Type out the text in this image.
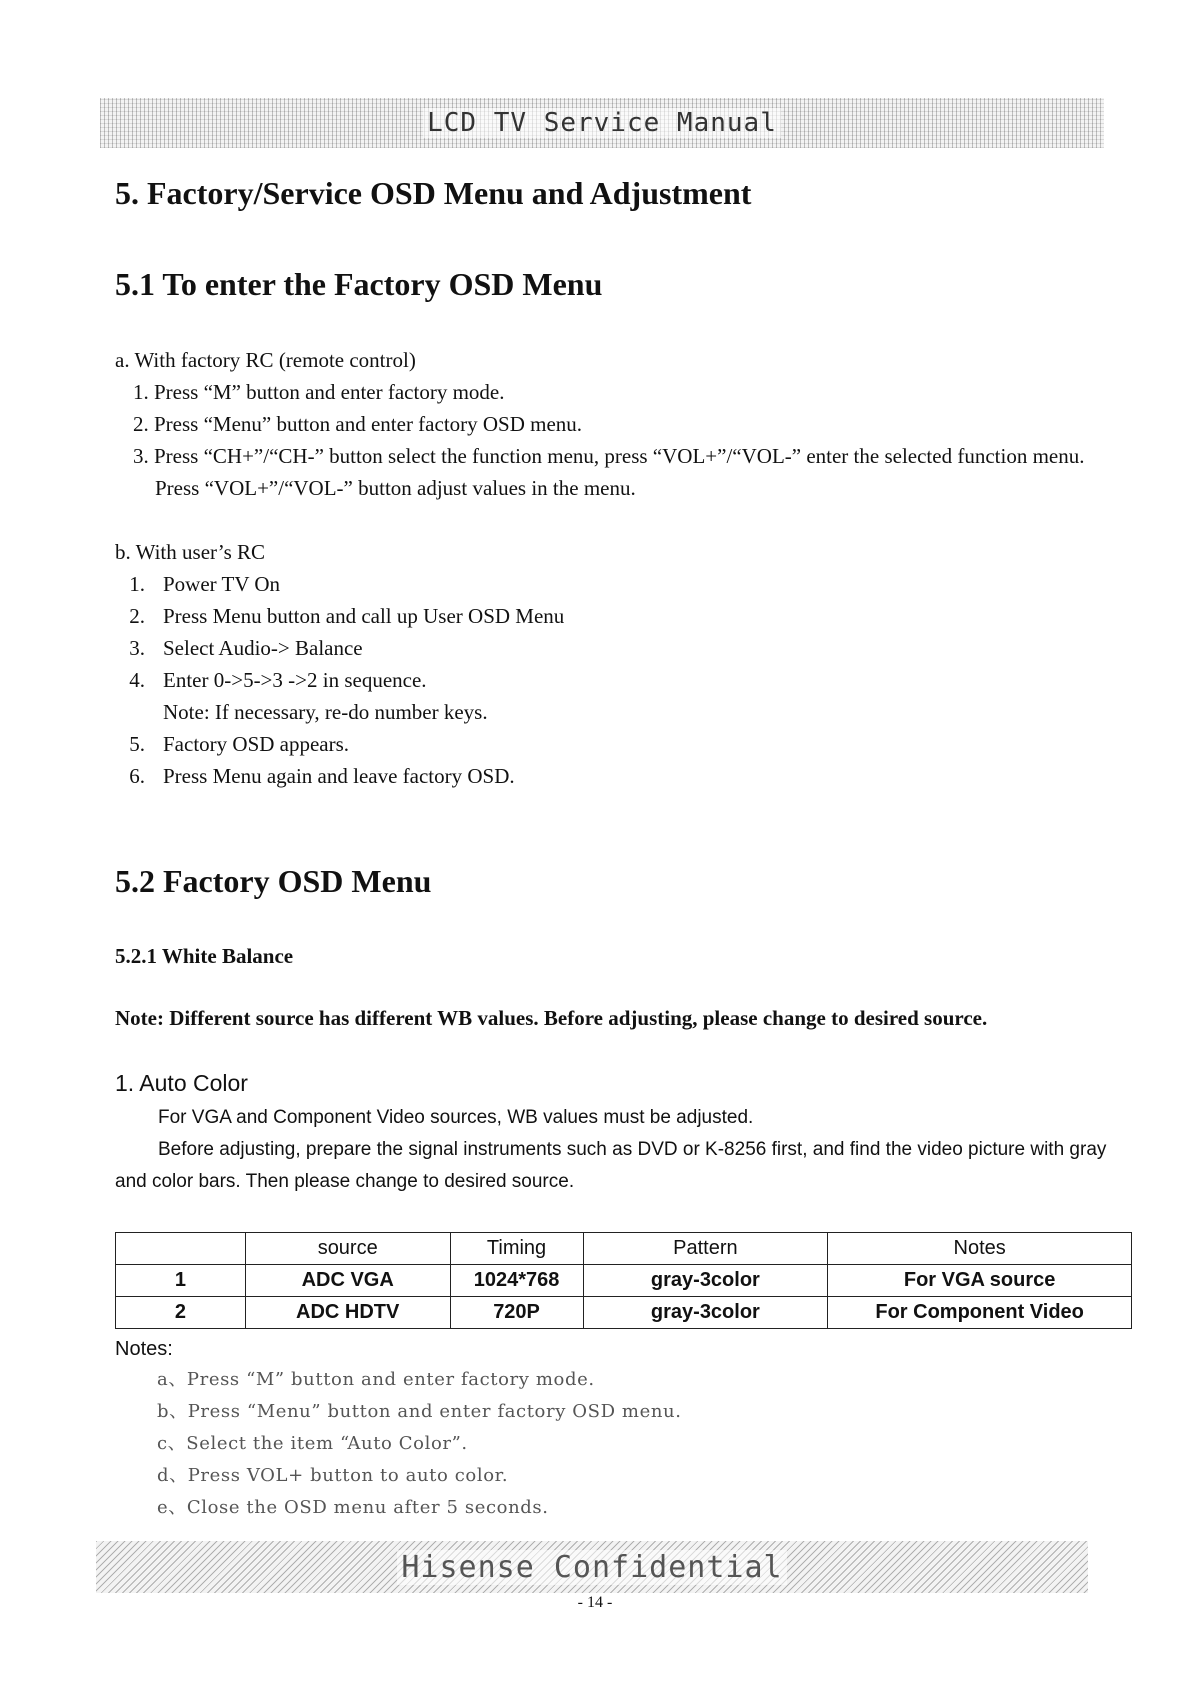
LCD TV Service Manual
5. Factory/Service OSD Menu and Adjustment
5.1 To enter the Factory OSD Menu
a. With factory RC (remote control)
1. Press “M” button and enter factory mode.
2. Press “Menu” button and enter factory OSD menu.
3. Press “CH+”/“CH-” button select the function menu, press “VOL+”/“VOL-” enter the selected function menu. Press “VOL+”/“VOL-” button adjust values in the menu.
b. With user’s RC
1. Power TV On
2. Press Menu button and call up User OSD Menu
3. Select Audio-> Balance
4. Enter 0->5->3 ->2 in sequence.
Note: If necessary, re-do number keys.
5. Factory OSD appears.
6. Press Menu again and leave factory OSD.
5.2 Factory OSD Menu
5.2.1 White Balance
Note: Different source has different WB values. Before adjusting, please change to desired source.
1. Auto Color
For VGA and Component Video sources, WB values must be adjusted.
Before adjusting, prepare the signal instruments such as DVD or K-8256 first, and find the video picture with gray and color bars. Then please change to desired source.
	source	Timing	Pattern	Notes
1	ADC VGA	1024*768	gray-3color	For VGA source
2	ADC HDTV	720P	gray-3color	For Component Video
Notes:
a、Press “M” button and enter factory mode.
b、Press “Menu” button and enter factory OSD menu.
c、Select the item “Auto Color”.
d、Press VOL+ button to auto color.
e、Close the OSD menu after 5 seconds.
Hisense Confidential
- 14 -
